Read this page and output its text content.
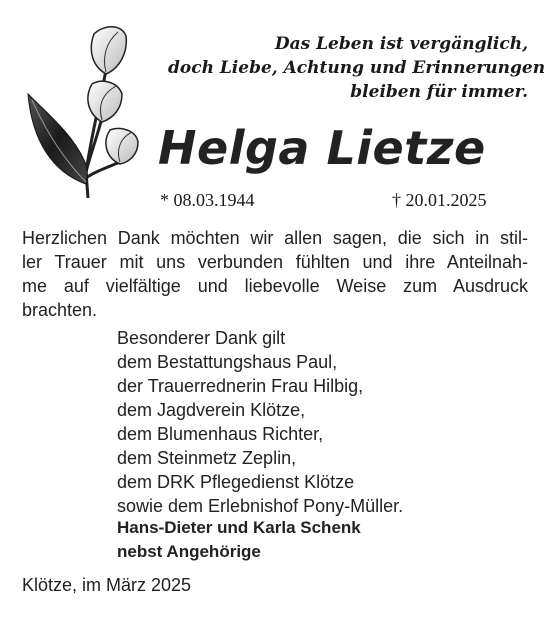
Das Leben ist vergänglich,
doch Liebe, Achtung und Erinnerungen
bleiben für immer.
Helga Lietze
* 08.03.1944	† 20.01.2025
Herzlichen Dank möchten wir allen sagen, die sich in stil-
ler Trauer mit uns verbunden fühlten und ihre Anteilnah-
me auf vielfältige und liebevolle Weise zum Ausdruck
brachten.
Besonderer Dank gilt
dem Bestattungshaus Paul,
der Trauerrednerin Frau Hilbig,
dem Jagdverein Klötze,
dem Blumenhaus Richter,
dem Steinmetz Zeplin,
dem DRK Pflegedienst Klötze
sowie dem Erlebnishof Pony-Müller.
Hans-Dieter und Karla Schenk
nebst Angehörige
Klötze, im März 2025
